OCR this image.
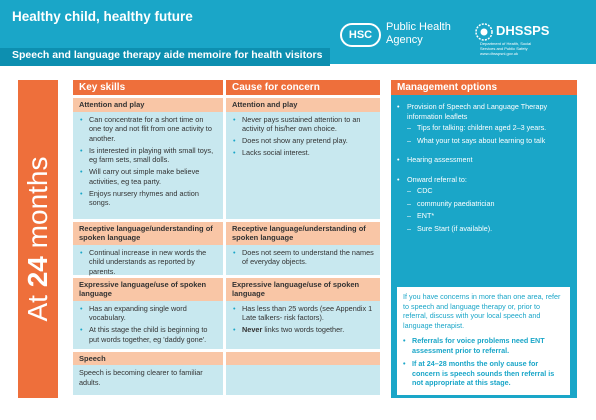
Healthy child, healthy future
Speech and language therapy aide memoire for health visitors
HSC
Public Health
Agency
DHSSPS
Department of Health, Social Services and Public Safety www.dhsspsni.gov.uk
At 24 months
Key skills
Attention and play
• Can concentrate for a short time on one toy and not flit from one activity to another.
• Is interested in playing with small toys, eg farm sets, small dolls.
• Will carry out simple make believe activities, eg tea party.
• Enjoys nursery rhymes and action songs.
Receptive language/understanding of spoken language
• Continual increase in new words the child understands as reported by parents.
Expressive language/use of spoken language
• Has an expanding single word vocabulary.
• At this stage the child is beginning to put words together, eg 'daddy gone'.
Speech
Speech is becoming clearer to familiar adults.
Cause for concern
Attention and play
• Never pays sustained attention to an activity of his/her own choice.
• Does not show any pretend play.
• Lacks social interest.
Receptive language/understanding of spoken language
• Does not seem to understand the names of everyday objects.
Expressive language/use of spoken language
• Has less than 25 words (see Appendix 1 Late talkers- risk factors).
• Never links two words together.
Management options
• Provision of Speech and Language Therapy information leaflets
– Tips for talking: children aged 2–3 years.
– What your tot says about learning to talk
• Hearing assessment
• Onward referral to:
– CDC
– community paediatrician
– ENT*
– Sure Start (if available).
If you have concerns in more than one area, refer to speech and language therapy or, prior to referral, discuss with your local speech and language therapist.
• Referrals for voice problems need ENT assessment prior to referral.
• If at 24–28 months the only cause for concern is speech sounds then referral is not appropriate at this stage.
